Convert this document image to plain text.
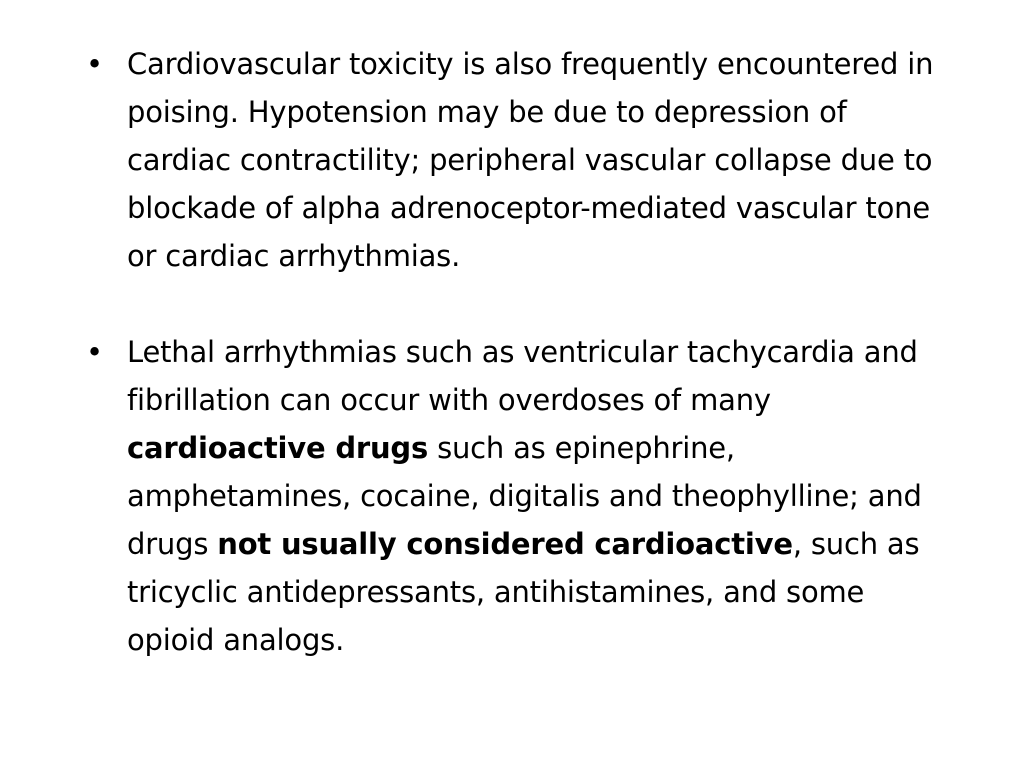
• Cardiovascular toxicity is also frequently encountered in poising. Hypotension may be due to depression of cardiac contractility; peripheral vascular collapse due to blockade of alpha adrenoceptor-mediated vascular tone or cardiac arrhythmias.
• Lethal arrhythmias such as ventricular tachycardia and fibrillation can occur with overdoses of many cardioactive drugs such as epinephrine, amphetamines, cocaine, digitalis and theophylline; and drugs not usually considered cardioactive, such as tricyclic antidepressants, antihistamines, and some opioid analogs.
